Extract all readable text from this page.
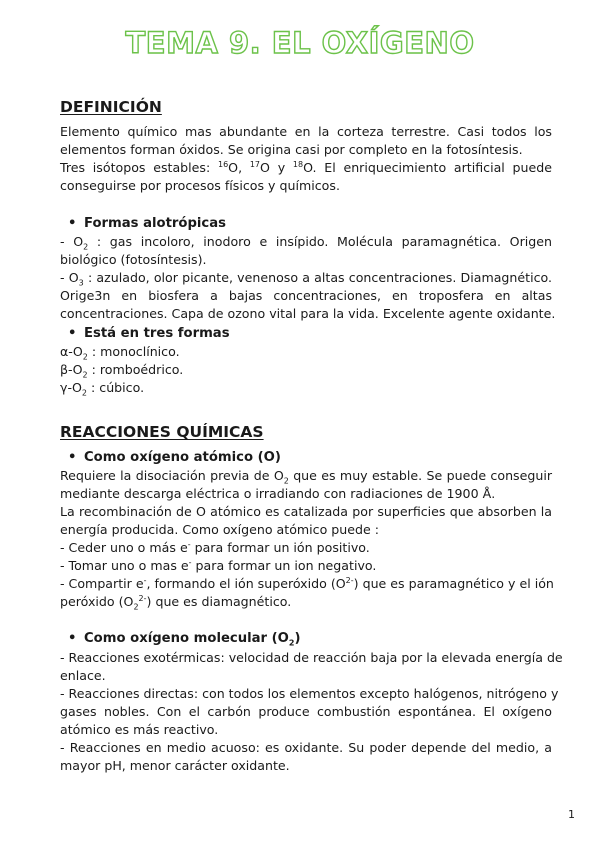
TEMA 9. EL OXÍGENO
DEFINICIÓN

Elemento químico mas abundante en la corteza terrestre. Casi todos los
elementos forman óxidos. Se origina casi por completo en la fotosíntesis.
Tres isótopos estables: $^{16}$O, $^{17}$O y $^{18}$O. El enriquecimiento artificial puede
conseguirse por procesos físicos y químicos.

• Formas alotrópicas

- $O_2$ : gas incoloro, inodoro e insípido. Molécula paramagnética. Origen
biológico (fotosíntesis).

- $O_3$ : azulado, olor picante, venenoso a altas concentraciones. Diamagnético.
Orige3n en biosfera a bajas concentraciones, en troposfera en altas
concentraciones. Capa de ozono vital para la vida. Excelente agente oxidante.

• Está en tres formas

$\alpha-O_2$ : monoclínico.
$\beta-O_2$ : romboédrico.
$\gamma-O_2$ : cúbico.

REACCIONES QUÍMICAS
• Como oxígeno atómico (O)

Requiere la disociación previa de $O_2$ que es muy estable. Se puede conseguir
mediante descarga eléctrica o irradiando con radiaciones de 1900 Å.
La recombinación de O atómico es catalizada por superficies que absorben la
energía producida. Como oxígeno atómico puede :
- Ceder uno o más e- para formar un ión positivo.
- Tomar uno o mas e- para formar un ion negativo.
- Compartir e-, formando el ión superóxido $(O^{2-})$ que es paramagnético y el ión
peróxido $(O_2^{2-})$ que es diamagnético.

• Como oxígeno molecular $(O_2)$

- Reacciones exotérmicas: velocidad de reacción baja por la elevada energía de
enlace.
- Reacciones directas: con todos los elementos excepto halógenos, nitrógeno y
gases nobles. Con el carbón produce combustión espontánea. El oxígeno
atómico es más reactivo.
- Reacciones en medio acuoso: es oxidante. Su poder depende del medio, a
mayor pH, menor carácter oxidante.

1
